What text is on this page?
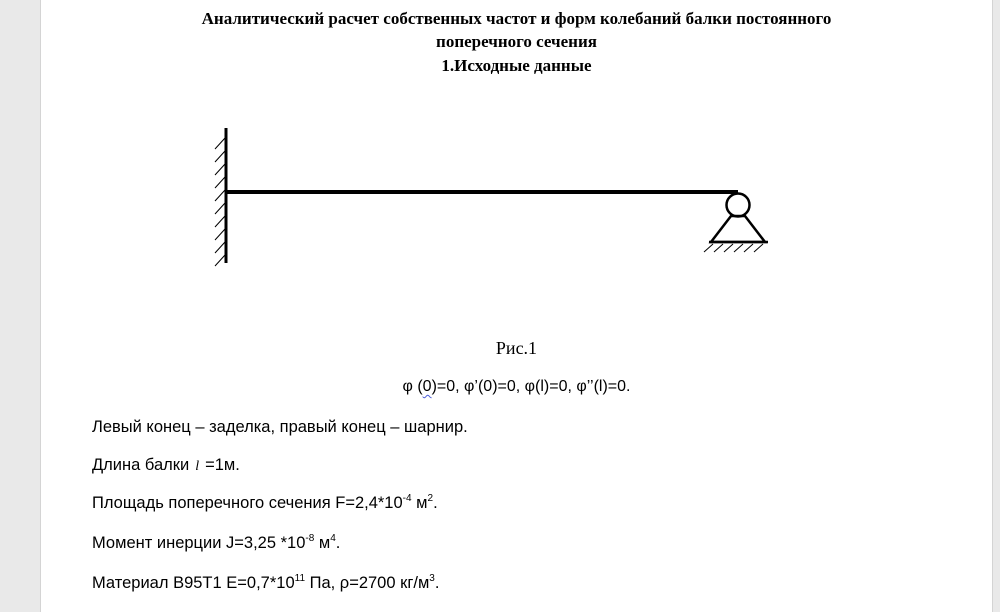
Аналитический расчет собственных частот и форм колебаний балки постоянного
поперечного сечения
1.Исходные данные
Рис.1
φ (0)=0, φ’(0)=0, φ(l)=0, φ’’(l)=0.
Левый конец – заделка, правый конец – шарнир.
Длина балки l =1м.
Площадь поперечного сечения $F=2,4*10^{-4}$ $м^2$.
Момент инерции J=3,25 $*10^{-8}$ $м^4$.
Материал В95Т1 $Е=0,7*10^{11}$ Па, ρ=2700 $кг/м^3$.
